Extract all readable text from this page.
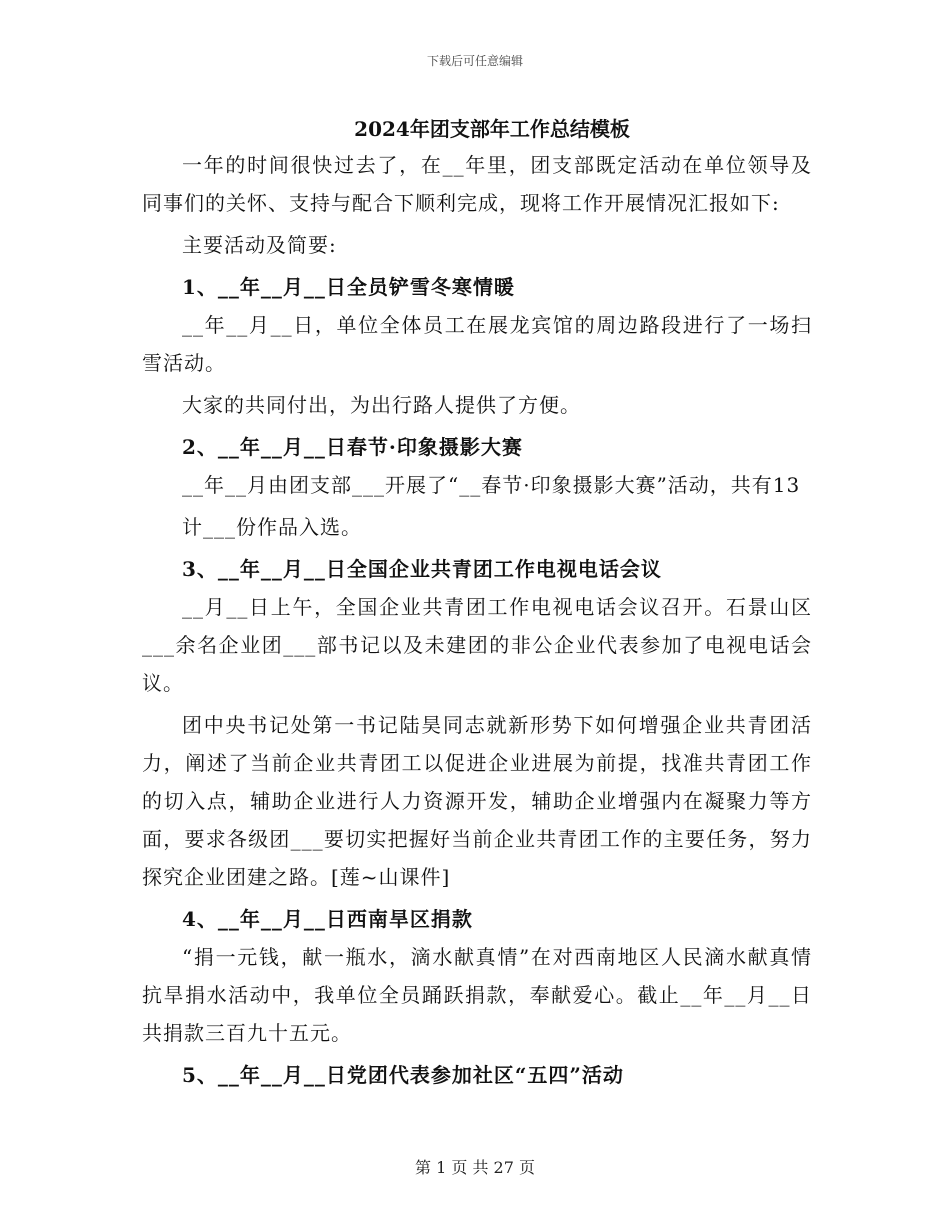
下载后可任意编辑
2024年团支部年工作总结模板
一年的时间很快过去了，在__年里，团支部既定活动在单位领导及同事们的关怀、支持与配合下顺利完成，现将工作开展情况汇报如下:
主要活动及简要:
1、__年__月__日全员铲雪冬寒情暖
__年__月__日，单位全体员工在展龙宾馆的周边路段进行了一场扫雪活动。
大家的共同付出，为出行路人提供了方便。
2、__年__月__日春节·印象摄影大赛
__年__月由团支部___开展了“__春节·印象摄影大赛”活动，共有13
计___份作品入选。
3、__年__月__日全国企业共青团工作电视电话会议
__月__日上午，全国企业共青团工作电视电话会议召开。石景山区___余名企业团___部书记以及未建团的非公企业代表参加了电视电话会议。
团中央书记处第一书记陆昊同志就新形势下如何增强企业共青团活力，阐述了当前企业共青团工以促进企业进展为前提，找准共青团工作的切入点，辅助企业进行人力资源开发，辅助企业增强内在凝聚力等方面，要求各级团___要切实把握好当前企业共青团工作的主要任务，努力探究企业团建之路。[莲~山课件]
4、__年__月__日西南旱区捐款
“捐一元钱，献一瓶水，滴水献真情”在对西南地区人民滴水献真情抗旱捐水活动中，我单位全员踊跃捐款，奉献爱心。截止__年__月__日共捐款三百九十五元。
5、__年__月__日党团代表参加社区“五四”活动
第 1 页 共 27 页
